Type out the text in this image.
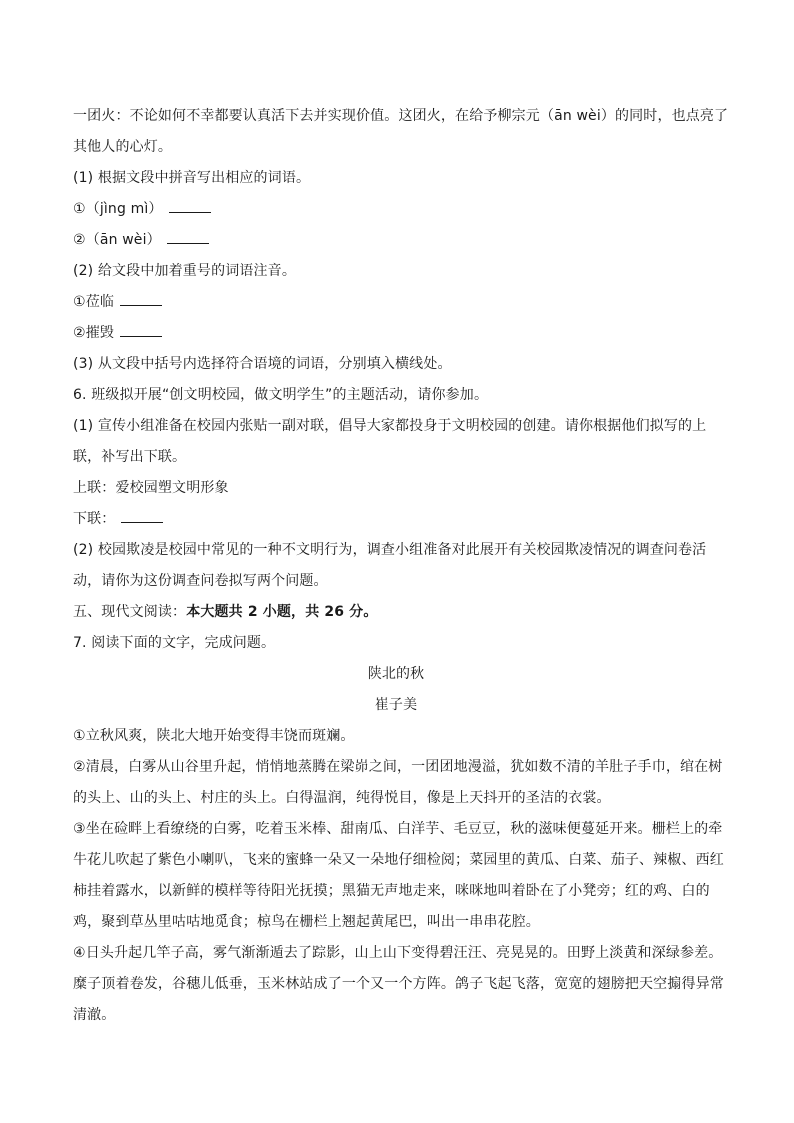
一团火：不论如何不幸都要认真活下去并实现价值。这团火，在给予柳宗元（ān wèi）的同时，也点亮了
其他人的心灯。
(1) 根据文段中拼音写出相应的词语。
①（jìng mì）
②（ān wèi）
(2) 给文段中加着重号的词语注音。
①莅临
②摧毁
(3) 从文段中括号内选择符合语境的词语，分别填入横线处。
6. 班级拟开展“创文明校园，做文明学生”的主题活动，请你参加。
(1) 宣传小组准备在校园内张贴一副对联，倡导大家都投身于文明校园的创建。请你根据他们拟写的上
联，补写出下联。
上联：爱校园塑文明形象
下联：
(2) 校园欺凌是校园中常见的一种不文明行为，调查小组准备对此展开有关校园欺凌情况的调查问卷活
动，请你为这份调查问卷拟写两个问题。
五、现代文阅读：本大题共 2 小题，共 26 分。
7. 阅读下面的文字，完成问题。
陕北的秋
崔子美
①立秋风爽，陕北大地开始变得丰饶而斑斓。
②清晨，白雾从山谷里升起，悄悄地蒸腾在梁峁之间，一团团地漫溢，犹如数不清的羊肚子手巾，绾在树
的头上、山的头上、村庄的头上。白得温润，纯得悦目，像是上天抖开的圣洁的衣裳。
③坐在硷畔上看缭绕的白雾，吃着玉米棒、甜南瓜、白洋芋、毛豆豆，秋的滋味便蔓延开来。栅栏上的牵
牛花儿吹起了紫色小喇叭，飞来的蜜蜂一朵又一朵地仔细检阅；菜园里的黄瓜、白菜、茄子、辣椒、西红
柿挂着露水，以新鲜的模样等待阳光抚摸；黑猫无声地走来，咪咪地叫着卧在了小凳旁；红的鸡、白的
鸡，聚到草丛里咕咕地觅食；椋鸟在栅栏上翘起黄尾巴，叫出一串串花腔。
④日头升起几竿子高，雾气渐渐遁去了踪影，山上山下变得碧汪汪、亮晃晃的。田野上淡黄和深绿参差。
糜子顶着卷发，谷穗儿低垂，玉米林站成了一个又一个方阵。鸽子飞起飞落，宽宽的翅膀把天空搧得异常
清澈。
